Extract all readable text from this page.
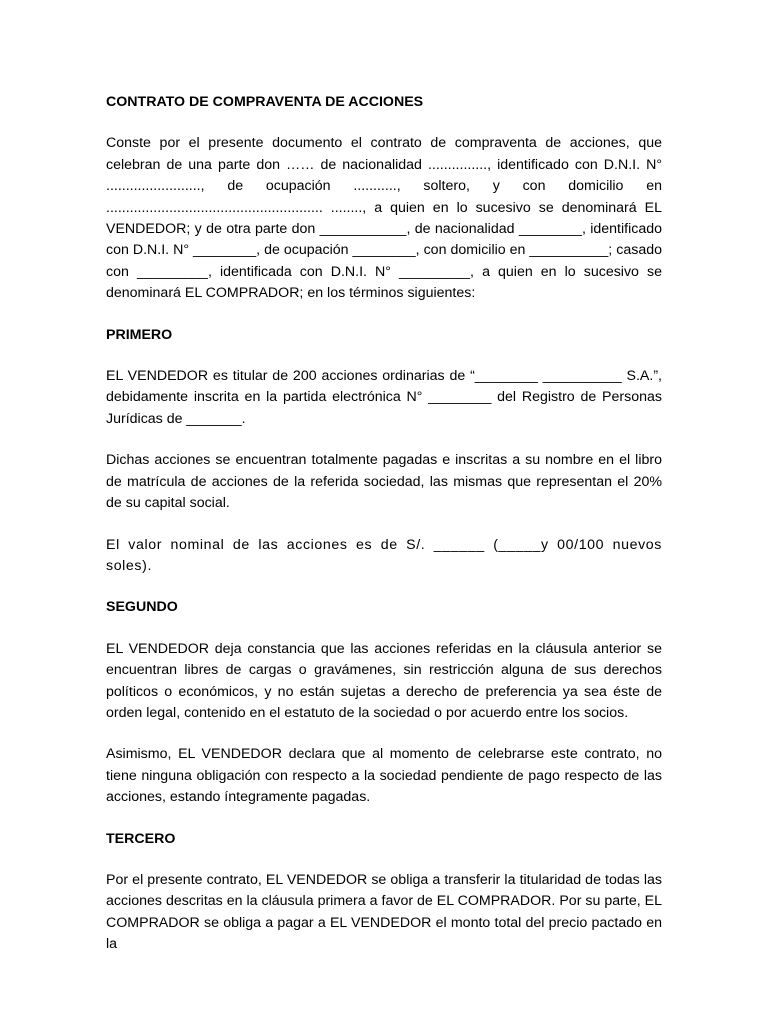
CONTRATO DE COMPRAVENTA DE ACCIONES
Conste por el presente documento el contrato de compraventa de acciones, que celebran de una parte don …… de nacionalidad ..............., identificado con D.N.I. N° ........................, de ocupación ..........., soltero, y con domicilio en ....................................................... ........, a quien en lo sucesivo se denominará EL VENDEDOR; y de otra parte don ___________, de nacionalidad ________, identificado con D.N.I. N° ________, de ocupación ________, con domicilio en __________; casado con _________, identificada con D.N.I. N° _________, a quien en lo sucesivo se denominará EL COMPRADOR; en los términos siguientes:
PRIMERO
EL VENDEDOR es titular de 200 acciones ordinarias de “________ __________ S.A.”, debidamente inscrita en la partida electrónica N° ________ del Registro de Personas Jurídicas de _______.
Dichas acciones se encuentran totalmente pagadas e inscritas a su nombre en el libro de matrícula de acciones de la referida sociedad, las mismas que representan el 20% de su capital social.
El valor nominal de las acciones es de S/. ______ (_____y 00/100 nuevos soles).
SEGUNDO
EL VENDEDOR deja constancia que las acciones referidas en la cláusula anterior se encuentran libres de cargas o gravámenes, sin restricción alguna de sus derechos políticos o económicos, y no están sujetas a derecho de preferencia ya sea éste de orden legal, contenido en el estatuto de la sociedad o por acuerdo entre los socios.
Asimismo, EL VENDEDOR declara que al momento de celebrarse este contrato, no tiene ninguna obligación con respecto a la sociedad pendiente de pago respecto de las acciones, estando íntegramente pagadas.
TERCERO
Por el presente contrato, EL VENDEDOR se obliga a transferir la titularidad de todas las acciones descritas en la cláusula primera a favor de EL COMPRADOR. Por su parte, EL COMPRADOR se obliga a pagar a EL VENDEDOR el monto total del precio pactado en la
